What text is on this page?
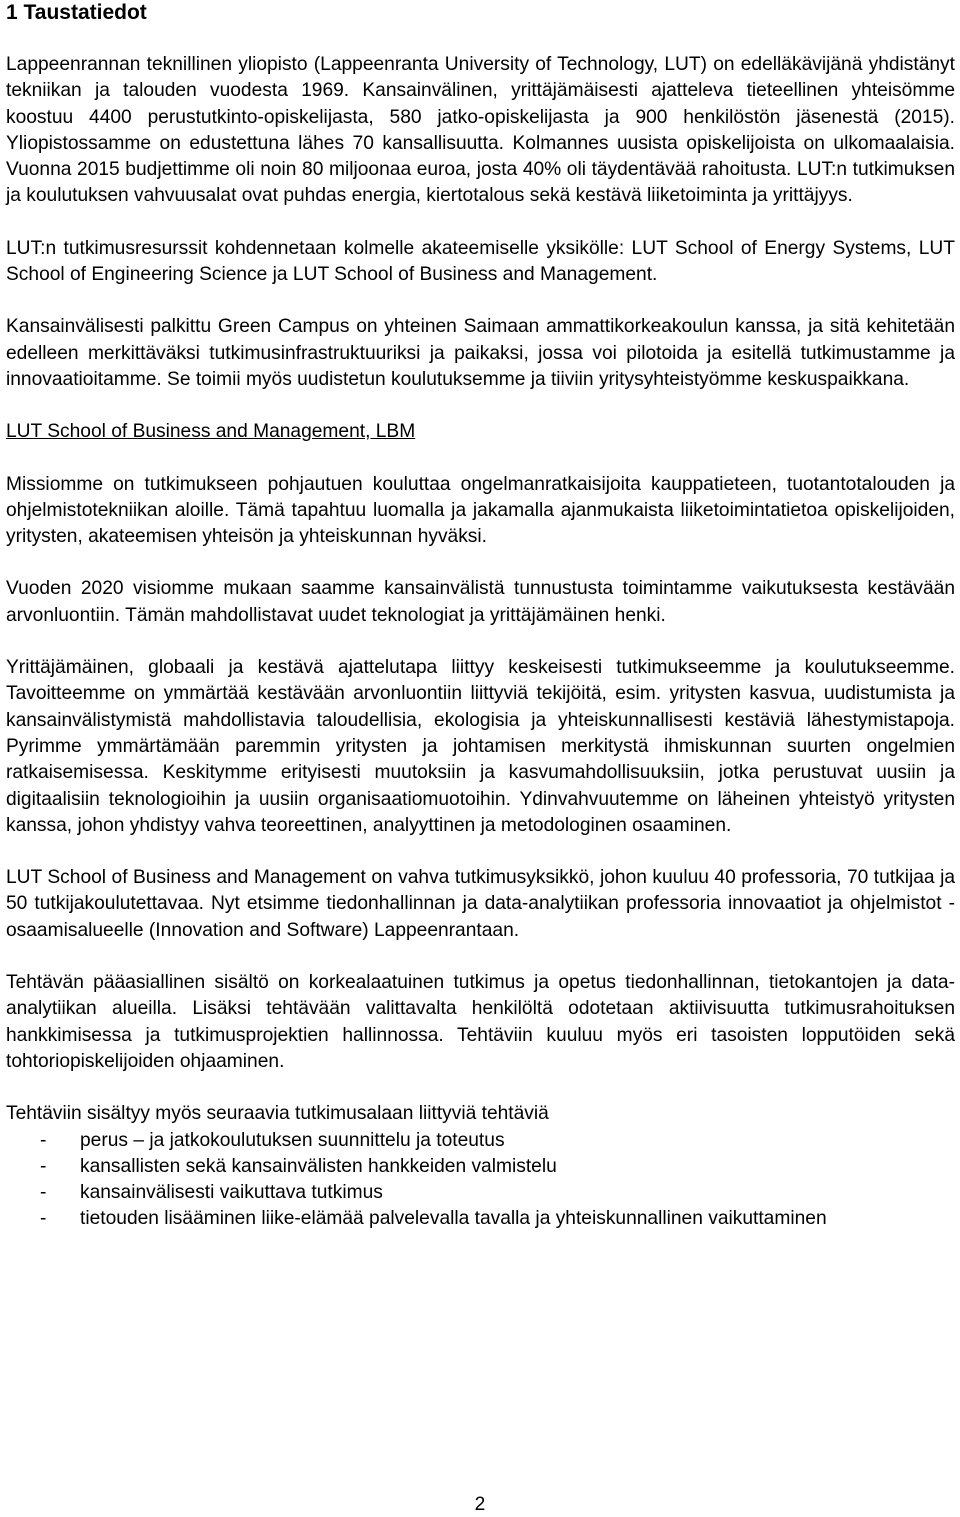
1 Taustatiedot

Lappeenrannan teknillinen yliopisto (Lappeenranta University of Technology, LUT) on edelläkävijänä yhdistänyt tekniikan ja talouden vuodesta 1969. Kansainvälinen, yrittäjämäisesti ajatteleva tieteellinen yhteisömme koostuu 4400 perustutkinto-opiskelijasta, 580 jatko-opiskelijasta ja 900 henkilöstön jäsenestä (2015). Yliopistossamme on edustettuna lähes 70 kansallisuutta. Kolmannes uusista opiskelijoista on ulkomaalaisia. Vuonna 2015 budjettimme oli noin 80 miljoonaa euroa, josta 40% oli täydentävää rahoitusta. LUT:n tutkimuksen ja koulutuksen vahvuusalat ovat puhdas energia, kiertotalous sekä kestävä liiketoiminta ja yrittäjyys.

LUT:n tutkimusresurssit kohdennetaan kolmelle akateemiselle yksikölle: LUT School of Energy Systems, LUT School of Engineering Science ja LUT School of Business and Management.

Kansainvälisesti palkittu Green Campus on yhteinen Saimaan ammattikorkeakoulun kanssa, ja sitä kehitetään edelleen merkittäväksi tutkimusinfrastruktuuriksi ja paikaksi, jossa voi pilotoida ja esitellä tutkimustamme ja innovaatioitamme. Se toimii myös uudistetun koulutuksemme ja tiiviin yritysyhteistyömme keskuspaikkana.

LUT School of Business and Management, LBM

Missiomme on tutkimukseen pohjautuen kouluttaa ongelmanratkaisijoita kauppatieteen, tuotantotalouden ja ohjelmistotekniikan aloille. Tämä tapahtuu luomalla ja jakamalla ajanmukaista liiketoimintatietoa opiskelijoiden, yritysten, akateemisen yhteisön ja yhteiskunnan hyväksi.

Vuoden 2020 visiomme mukaan saamme kansainvälistä tunnustusta toimintamme vaikutuksesta kestävään arvonluontiin. Tämän mahdollistavat uudet teknologiat ja yrittäjämäinen henki.

Yrittäjämäinen, globaali ja kestävä ajattelutapa liittyy keskeisesti tutkimukseemme ja koulutukseemme. Tavoitteemme on ymmärtää kestävään arvonluontiin liittyviä tekijöitä, esim. yritysten kasvua, uudistumista ja kansainvälistymistä mahdollistavia taloudellisia, ekologisia ja yhteiskunnallisesti kestäviä lähestymistapoja. Pyrimme ymmärtämään paremmin yritysten ja johtamisen merkitystä ihmiskunnan suurten ongelmien ratkaisemisessa. Keskitymme erityisesti muutoksiin ja kasvumahdollisuuksiin, jotka perustuvat uusiin ja digitaalisiin teknologioihin ja uusiin organisaatiomuotoihin. Ydinvahvuutemme on läheinen yhteistyö yritysten kanssa, johon yhdistyy vahva teoreettinen, analyyttinen ja metodologinen osaaminen.

LUT School of Business and Management on vahva tutkimusyksikkö, johon kuuluu 40 professoria, 70 tutkijaa ja 50 tutkijakoulutettavaa. Nyt etsimme tiedonhallinnan ja data-analytiikan professoria innovaatiot ja ohjelmistot -osaamisalueelle (Innovation and Software) Lappeenrantaan.

Tehtävän pääasiallinen sisältö on korkealaatuinen tutkimus ja opetus tiedonhallinnan, tietokantojen ja data-analytiikan alueilla. Lisäksi tehtävään valittavalta henkilöltä odotetaan aktiivisuutta tutkimusrahoituksen hankkimisessa ja tutkimusprojektien hallinnossa. Tehtäviin kuuluu myös eri tasoisten lopputöiden sekä tohtoriopiskelijoiden ohjaaminen.

Tehtäviin sisältyy myös seuraavia tutkimusalaan liittyviä tehtäviä

- perus – ja jatkokoulutuksen suunnittelu ja toteutus
- kansallisten sekä kansainvälisten hankkeiden valmistelu
- kansainvälisesti vaikuttava tutkimus
- tietouden lisääminen liike-elämää palvelevalla tavalla ja yhteiskunnallinen vaikuttaminen
2
